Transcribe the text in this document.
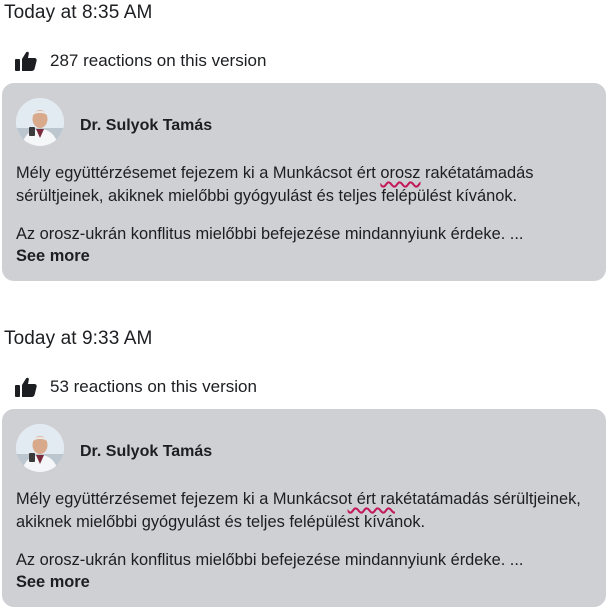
Today at 8:35 AM
287 reactions on this version
Dr. Sulyok Tamás
Mély együttérzésemet fejezem ki a Munkácsot ért orosz rakétatámadás sérültjeinek, akiknek mielőbbi gyógyulást és teljes felépülést kívánok.
Az orosz-ukrán konflitus mielőbbi befejezése mindannyiunk érdeke. ...
See more
Today at 9:33 AM
53 reactions on this version
Dr. Sulyok Tamás
Mély együttérzésemet fejezem ki a Munkácsot ért rakétatámadás sérültjeinek, akiknek mielőbbi gyógyulást és teljes felépülést kívánok.
Az orosz-ukrán konflitus mielőbbi befejezése mindannyiunk érdeke. ...
See more
